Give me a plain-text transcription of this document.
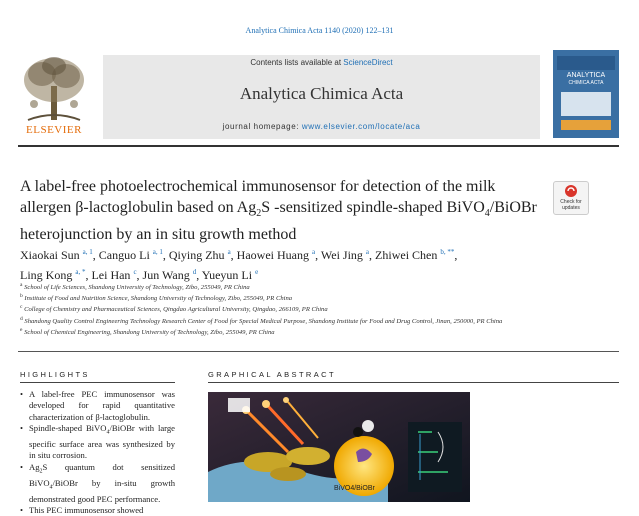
Analytica Chimica Acta 1140 (2020) 122–131
ELSEVIER
Contents lists available at ScienceDirect
Analytica Chimica Acta
journal homepage: www.elsevier.com/locate/aca
ANALYTICA
CHIMICA ACTA
A label-free photoelectrochemical immunosensor for detection of the milk allergen β-lactoglobulin based on $Ag_2S$ -sensitized spindle-shaped BiVO$_4$/BiOBr heterojunction by an in situ growth method
Check for
updates
Xiaokai Sun $^{a, 1}$, Canguo Li $^{a, 1}$, Qiying Zhu $^a$, Haowei Huang $^a$, Wei Jing $^a$, Zhiwei Chen $^{b, **}$,
Ling Kong $^{a, *}$, Lei Han $^c$, Jun Wang $^d$, Yueyun Li $^e$
$^a$ School of Life Sciences, Shandong University of Technology, Zibo, 255049, PR China
$^b$ Institute of Food and Nutrition Science, Shandong University of Technology, Zibo, 255049, PR China
$^c$ College of Chemistry and Pharmaceutical Sciences, Qingdao Agricultural University, Qingdao, 266109, PR China
$^d$ Shandong Quality Control Engineering Technology Research Center of Food for Special Medical Purpose, Shandong Institute for Food and Drug Control, Jinan, 250000, PR China
$^e$ School of Chemical Engineering, Shandong University of Technology, Zibo, 255049, PR China
HIGHLIGHTS	GRAPHICAL ABSTRACT
• A label-free PEC immunosensor was developed for rapid quantitative characterization of β-lactoglobulin.
• Spindle-shaped BiVO$_4$/BiOBr with large specific surface area was synthesized by in situ corrosion.
• $Ag_2S$ quantum dot sensitized BiVO$_4$/BiOBr by in-situ growth demonstrated good PEC performance.
• This PEC immunosensor showed
BiVO4/BiOBr
